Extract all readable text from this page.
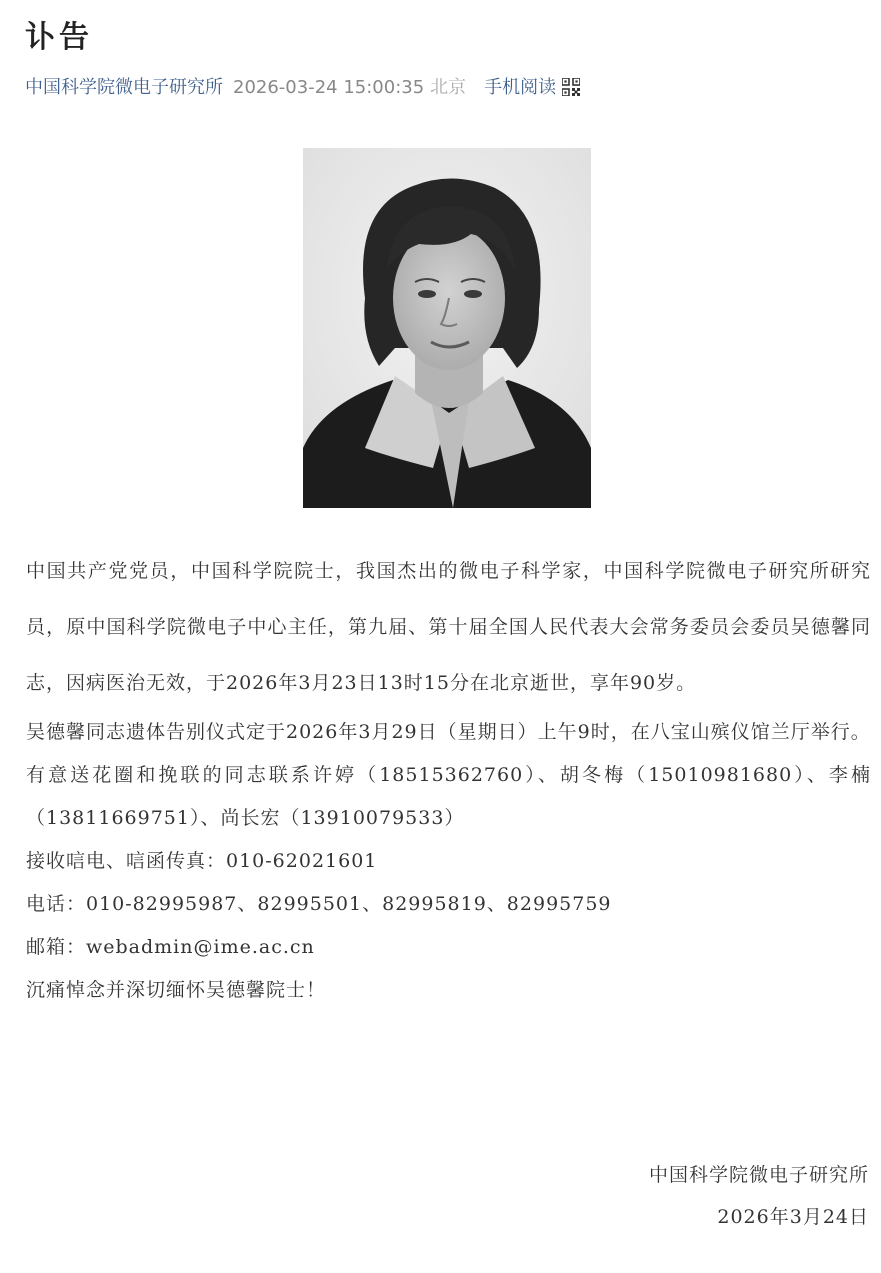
讣告
中国科学院微电子研究所 2026-03-24 15:00:35 北京 手机阅读

中国共产党党员，中国科学院院士，我国杰出的微电子科学家，中国科学院微电子研究所研究员，原中国科学院微电子中心主任，第九届、第十届全国人民代表大会常务委员会委员吴德馨同志，因病医治无效，于2026年3月23日13时15分在北京逝世，享年90岁。

吴德馨同志遗体告别仪式定于2026年3月29日（星期日）上午9时，在八宝山殡仪馆兰厅举行。

有意送花圈和挽联的同志联系许婷（18515362760）、胡冬梅（15010981680）、李楠（13811669751）、尚长宏（13910079533）

接收唁电、唁函传真：010-62021601

电话：010-82995987、82995501、82995819、82995759

邮箱：webadmin@ime.ac.cn

沉痛悼念并深切缅怀吴德馨院士！

中国科学院微电子研究所
2026年3月24日
